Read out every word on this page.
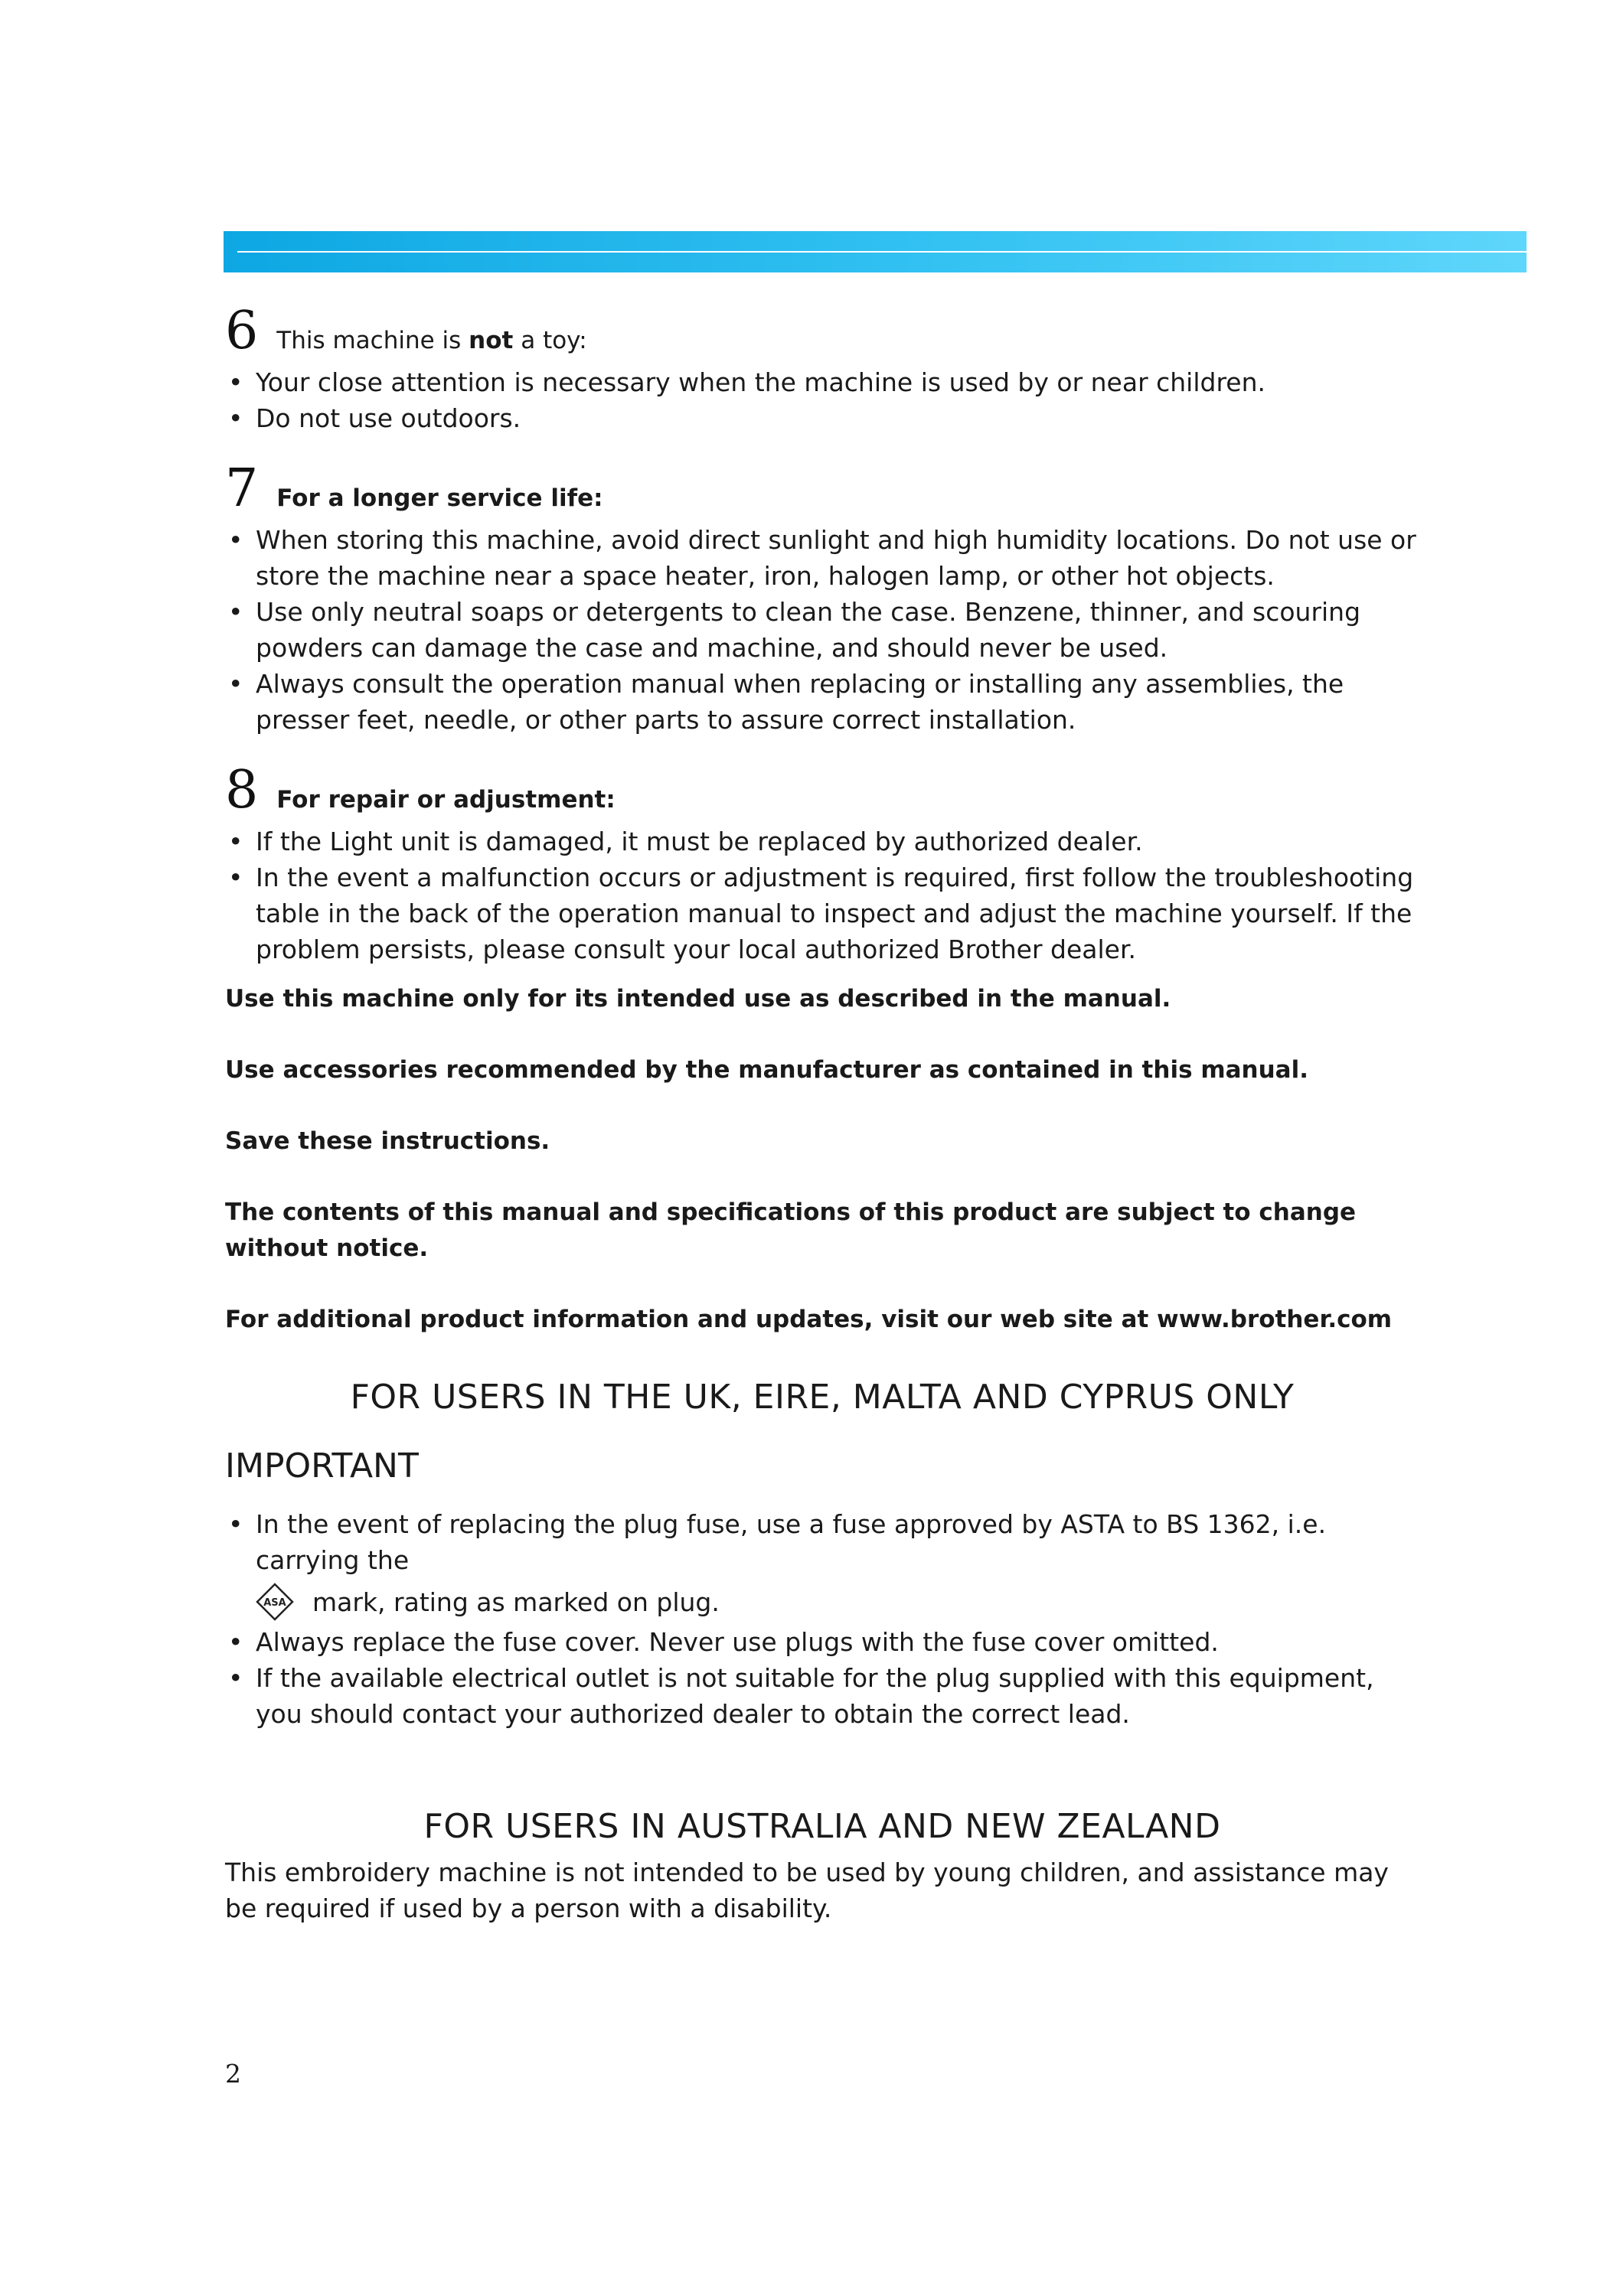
6 This machine is not a toy:
• Your close attention is necessary when the machine is used by or near children.
• Do not use outdoors.
7 For a longer service life:
• When storing this machine, avoid direct sunlight and high humidity locations. Do not use or store the machine near a space heater, iron, halogen lamp, or other hot objects.
• Use only neutral soaps or detergents to clean the case. Benzene, thinner, and scouring powders can damage the case and machine, and should never be used.
• Always consult the operation manual when replacing or installing any assemblies, the presser feet, needle, or other parts to assure correct installation.
8 For repair or adjustment:
• If the Light unit is damaged, it must be replaced by authorized dealer.
• In the event a malfunction occurs or adjustment is required, first follow the troubleshooting table in the back of the operation manual to inspect and adjust the machine yourself. If the problem persists, please consult your local authorized Brother dealer.

Use this machine only for its intended use as described in the manual.

Use accessories recommended by the manufacturer as contained in this manual.

Save these instructions.

The contents of this manual and specifications of this product are subject to change without notice.

For additional product information and updates, visit our web site at www.brother.com

FOR USERS IN THE UK, EIRE, MALTA AND CYPRUS ONLY
IMPORTANT
• In the event of replacing the plug fuse, use a fuse approved by ASTA to BS 1362, i.e. carrying the
ASA mark, rating as marked on plug.
• Always replace the fuse cover. Never use plugs with the fuse cover omitted.
• If the available electrical outlet is not suitable for the plug supplied with this equipment, you should contact your authorized dealer to obtain the correct lead.
FOR USERS IN AUSTRALIA AND NEW ZEALAND

This embroidery machine is not intended to be used by young children, and assistance may be required if used by a person with a disability.

2
